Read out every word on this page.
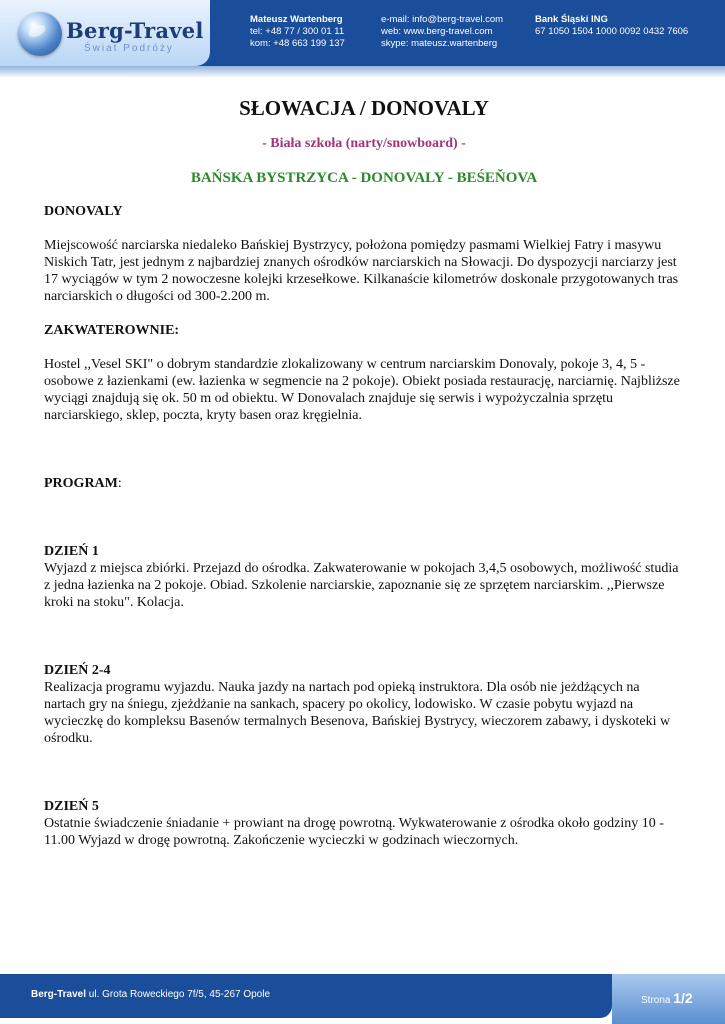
Berg-Travel
Świat Podróży
Mateusz Wartenberg
tel: +48 77 / 300 01 11
kom: +48 663 199 137
e-mail: info@berg-travel.com
web: www.berg-travel.com
skype: mateusz.wartenberg
Bank Śląski ING
67 1050 1504 1000 0092 0432 7606
SŁOWACJA / DONOVALY
- Biała szkoła (narty/snowboard) -
BAŃSKA BYSTRZYCA - DONOVALY - BEŚEŇOVA
DONOVALY

Miejscowość narciarska niedaleko Bańskiej Bystrzycy, położona pomiędzy pasmami Wielkiej Fatry i masywu Niskich Tatr, jest jednym z najbardziej znanych ośrodków narciarskich na Słowacji. Do dyspozycji narciarzy jest 17 wyciągów w tym 2 nowoczesne kolejki krzesełkowe. Kilkanaście kilometrów doskonale przygotowanych tras narciarskich o długości od 300-2.200 m.

ZAKWATEROWNIE:

Hostel ,,Vesel SKI" o dobrym standardzie zlokalizowany w centrum narciarskim Donovaly, pokoje 3, 4, 5 - osobowe z łazienkami (ew. łazienka w segmencie na 2 pokoje). Obiekt posiada restaurację, narciarnię. Najbliższe wyciągi znajdują się ok. 50 m od obiektu. W Donovalach znajduje się serwis i wypożyczalnia sprzętu narciarskiego, sklep, poczta, kryty basen oraz kręgielnia.

PROGRAM:
DZIEŃ 1

Wyjazd z miejsca zbiórki. Przejazd do ośrodka. Zakwaterowanie w pokojach 3,4,5 osobowych, możliwość studia z jedna łazienka na 2 pokoje. Obiad. Szkolenie narciarskie, zapoznanie się ze sprzętem narciarskim. ,,Pierwsze kroki na stoku". Kolacja.

DZIEŃ 2-4

Realizacja programu wyjazdu. Nauka jazdy na nartach pod opieką instruktora. Dla osób nie jeżdżących na nartach gry na śniegu, zjeżdżanie na sankach, spacery po okolicy, lodowisko. W czasie pobytu wyjazd na wycieczkę do kompleksu Basenów termalnych Besenova, Bańskiej Bystrycy, wieczorem zabawy, i dyskoteki w ośrodku.

DZIEŃ 5

Ostatnie świadczenie śniadanie + prowiant na drogę powrotną. Wykwaterowanie z ośrodka około godziny 10 - 11.00 Wyjazd w drogę powrotną. Zakończenie wycieczki w godzinach wieczornych.

Berg-Travel ul. Grota Roweckiego 7f/5, 45-267 Opole
Strona 1/2
